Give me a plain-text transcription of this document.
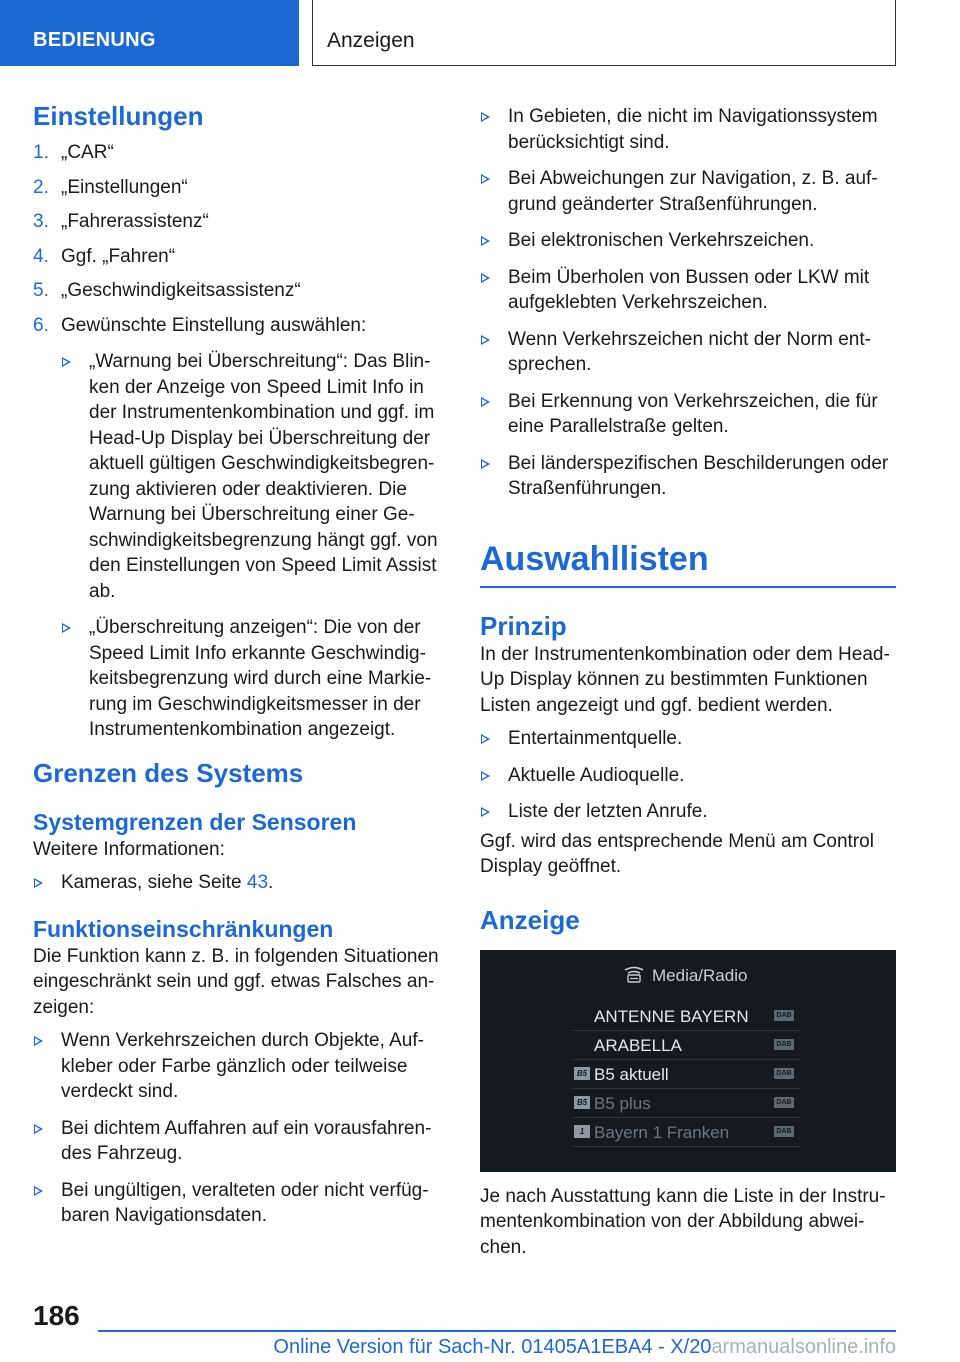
BEDIENUNG	Anzeigen
Einstellungen
1. „CAR“
2. „Einstellungen“
3. „Fahrerassistenz“
4. Ggf. „Fahren“
5. „Geschwindigkeitsassistenz“
6. Gewünschte Einstellung auswählen:
„Warnung bei Überschreitung“: Das Blinken der Anzeige von Speed Limit Info in der Instrumentenkombination und ggf. im Head-Up Display bei Überschreitung der aktuell gültigen Geschwindigkeitsbegrenzung aktivieren oder deaktivieren. Die Warnung bei Überschreitung einer Geschwindigkeitsbegrenzung hängt ggf. von den Einstellungen von Speed Limit Assist ab.
„Überschreitung anzeigen“: Die von der Speed Limit Info erkannte Geschwindigkeitsbegrenzung wird durch eine Markierung im Geschwindigkeitsmesser in der Instrumentenkombination angezeigt.
Grenzen des Systems
Systemgrenzen der Sensoren

Weitere Informationen:

Kameras, siehe Seite 43.
Funktionseinschränkungen

Die Funktion kann z. B. in folgenden Situationen eingeschränkt sein und ggf. etwas Falsches anzeigen:

Wenn Verkehrszeichen durch Objekte, Aufkleber oder Farbe gänzlich oder teilweise verdeckt sind.
Bei dichtem Auffahren auf ein vorausfahrendes Fahrzeug.
Bei ungültigen, veralteten oder nicht verfügbaren Navigationsdaten.
In Gebieten, die nicht im Navigationssystem berücksichtigt sind.
Bei Abweichungen zur Navigation, z. B. aufgrund geänderter Straßenführungen.
Bei elektronischen Verkehrszeichen.
Beim Überholen von Bussen oder LKW mit aufgeklebten Verkehrszeichen.
Wenn Verkehrszeichen nicht der Norm entsprechen.
Bei Erkennung von Verkehrszeichen, die für eine Parallelstraße gelten.
Bei länderspezifischen Beschilderungen oder Straßenführungen.
Auswahllisten
Prinzip

In der Instrumentenkombination oder dem Head-Up Display können zu bestimmten Funktionen Listen angezeigt und ggf. bedient werden.

Entertainmentquelle.
Aktuelle Audioquelle.
Liste der letzten Anrufe.

Ggf. wird das entsprechende Menü am Control Display geöffnet.

Anzeige
Media/Radio
ANTENNE BAYERN	DAB
ARABELLA	DAB
B5 B5 aktuell	DAB
B5 B5 plus	DAB
1 Bayern 1 Franken	DAB

Je nach Ausstattung kann die Liste in der Instrumentenkombination von der Abbildung abweichen.

186
Online Version für Sach-Nr. 01405A1EBA4 - X/20armanualsonline.info
